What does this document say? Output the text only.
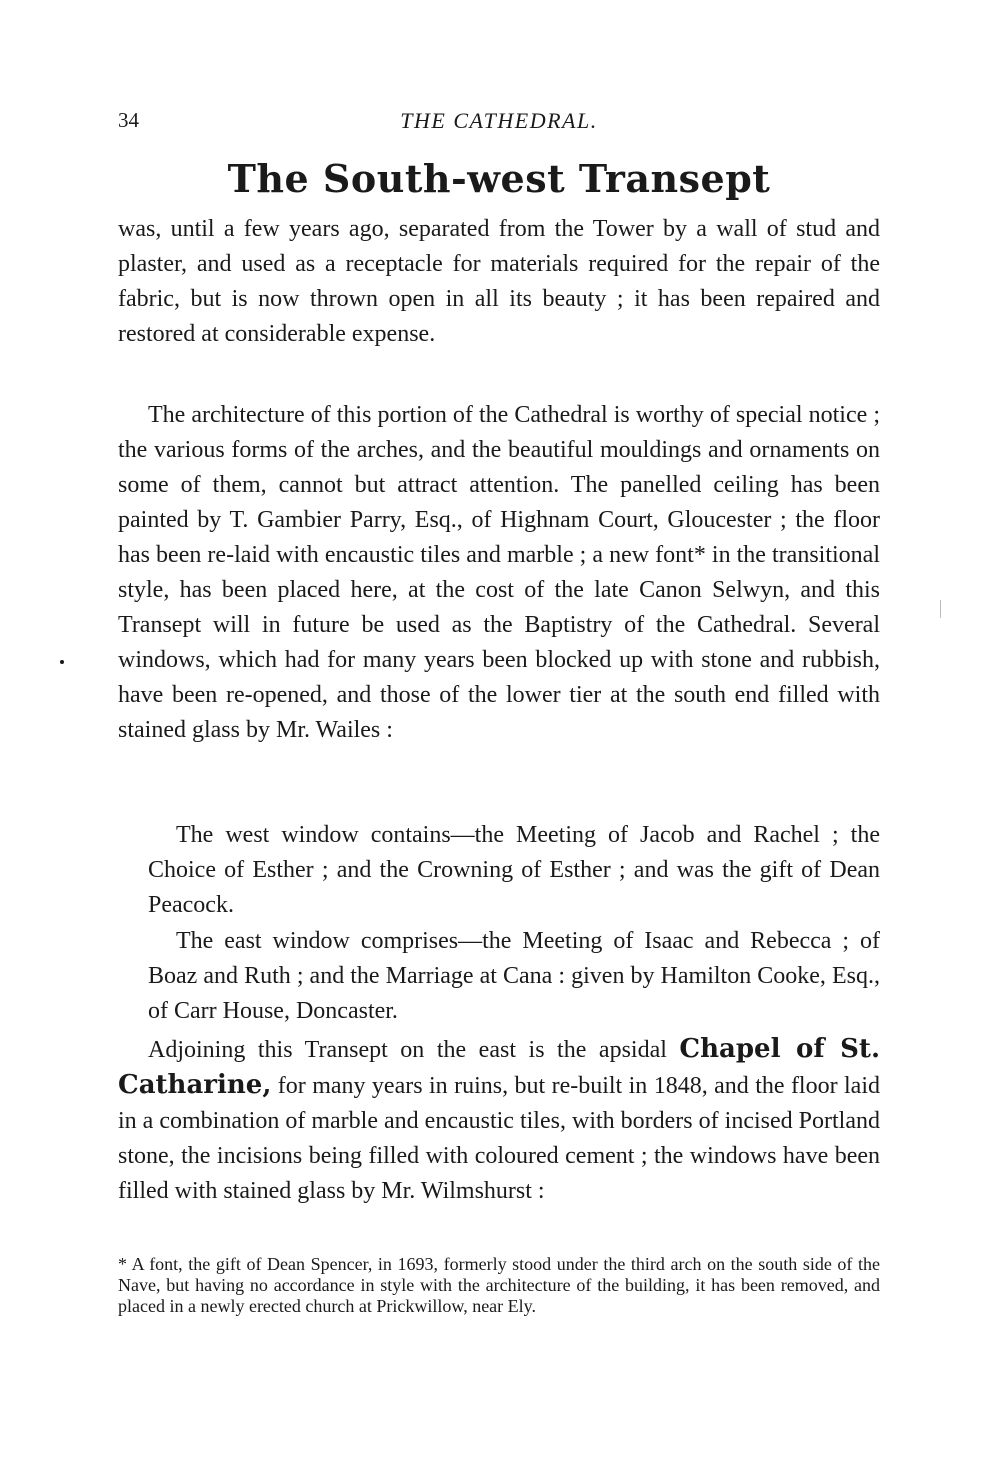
34	THE CATHEDRAL.
The South-west Transept

was, until a few years ago, separated from the Tower by a wall of stud and plaster, and used as a receptacle for materials required for the repair of the fabric, but is now thrown open in all its beauty ; it has been repaired and restored at considerable expense.

The architecture of this portion of the Cathedral is worthy of special notice ; the various forms of the arches, and the beautiful mouldings and ornaments on some of them, cannot but attract attention. The panelled ceiling has been painted by T. Gambier Parry, Esq., of Highnam Court, Gloucester ; the floor has been re-laid with encaustic tiles and marble ; a new font* in the transitional style, has been placed here, at the cost of the late Canon Selwyn, and this Transept will in future be used as the Baptistry of the Cathedral. Several windows, which had for many years been blocked up with stone and rubbish, have been re-opened, and those of the lower tier at the south end filled with stained glass by Mr. Wailes :

The west window contains—the Meeting of Jacob and Rachel ; the Choice of Esther ; and the Crowning of Esther ; and was the gift of Dean Peacock.

The east window comprises—the Meeting of Isaac and Rebecca ; of Boaz and Ruth ; and the Marriage at Cana : given by Hamilton Cooke, Esq., of Carr House, Doncaster.

Adjoining this Transept on the east is the apsidal Chapel of St. Catharine, for many years in ruins, but re-built in 1848, and the floor laid in a combination of marble and encaustic tiles, with borders of incised Portland stone, the incisions being filled with coloured cement ; the windows have been filled with stained glass by Mr. Wilmshurst :

* A font, the gift of Dean Spencer, in 1693, formerly stood under the third arch on the south side of the Nave, but having no accordance in style with the architecture of the building, it has been removed, and placed in a newly erected church at Prickwillow, near Ely.
